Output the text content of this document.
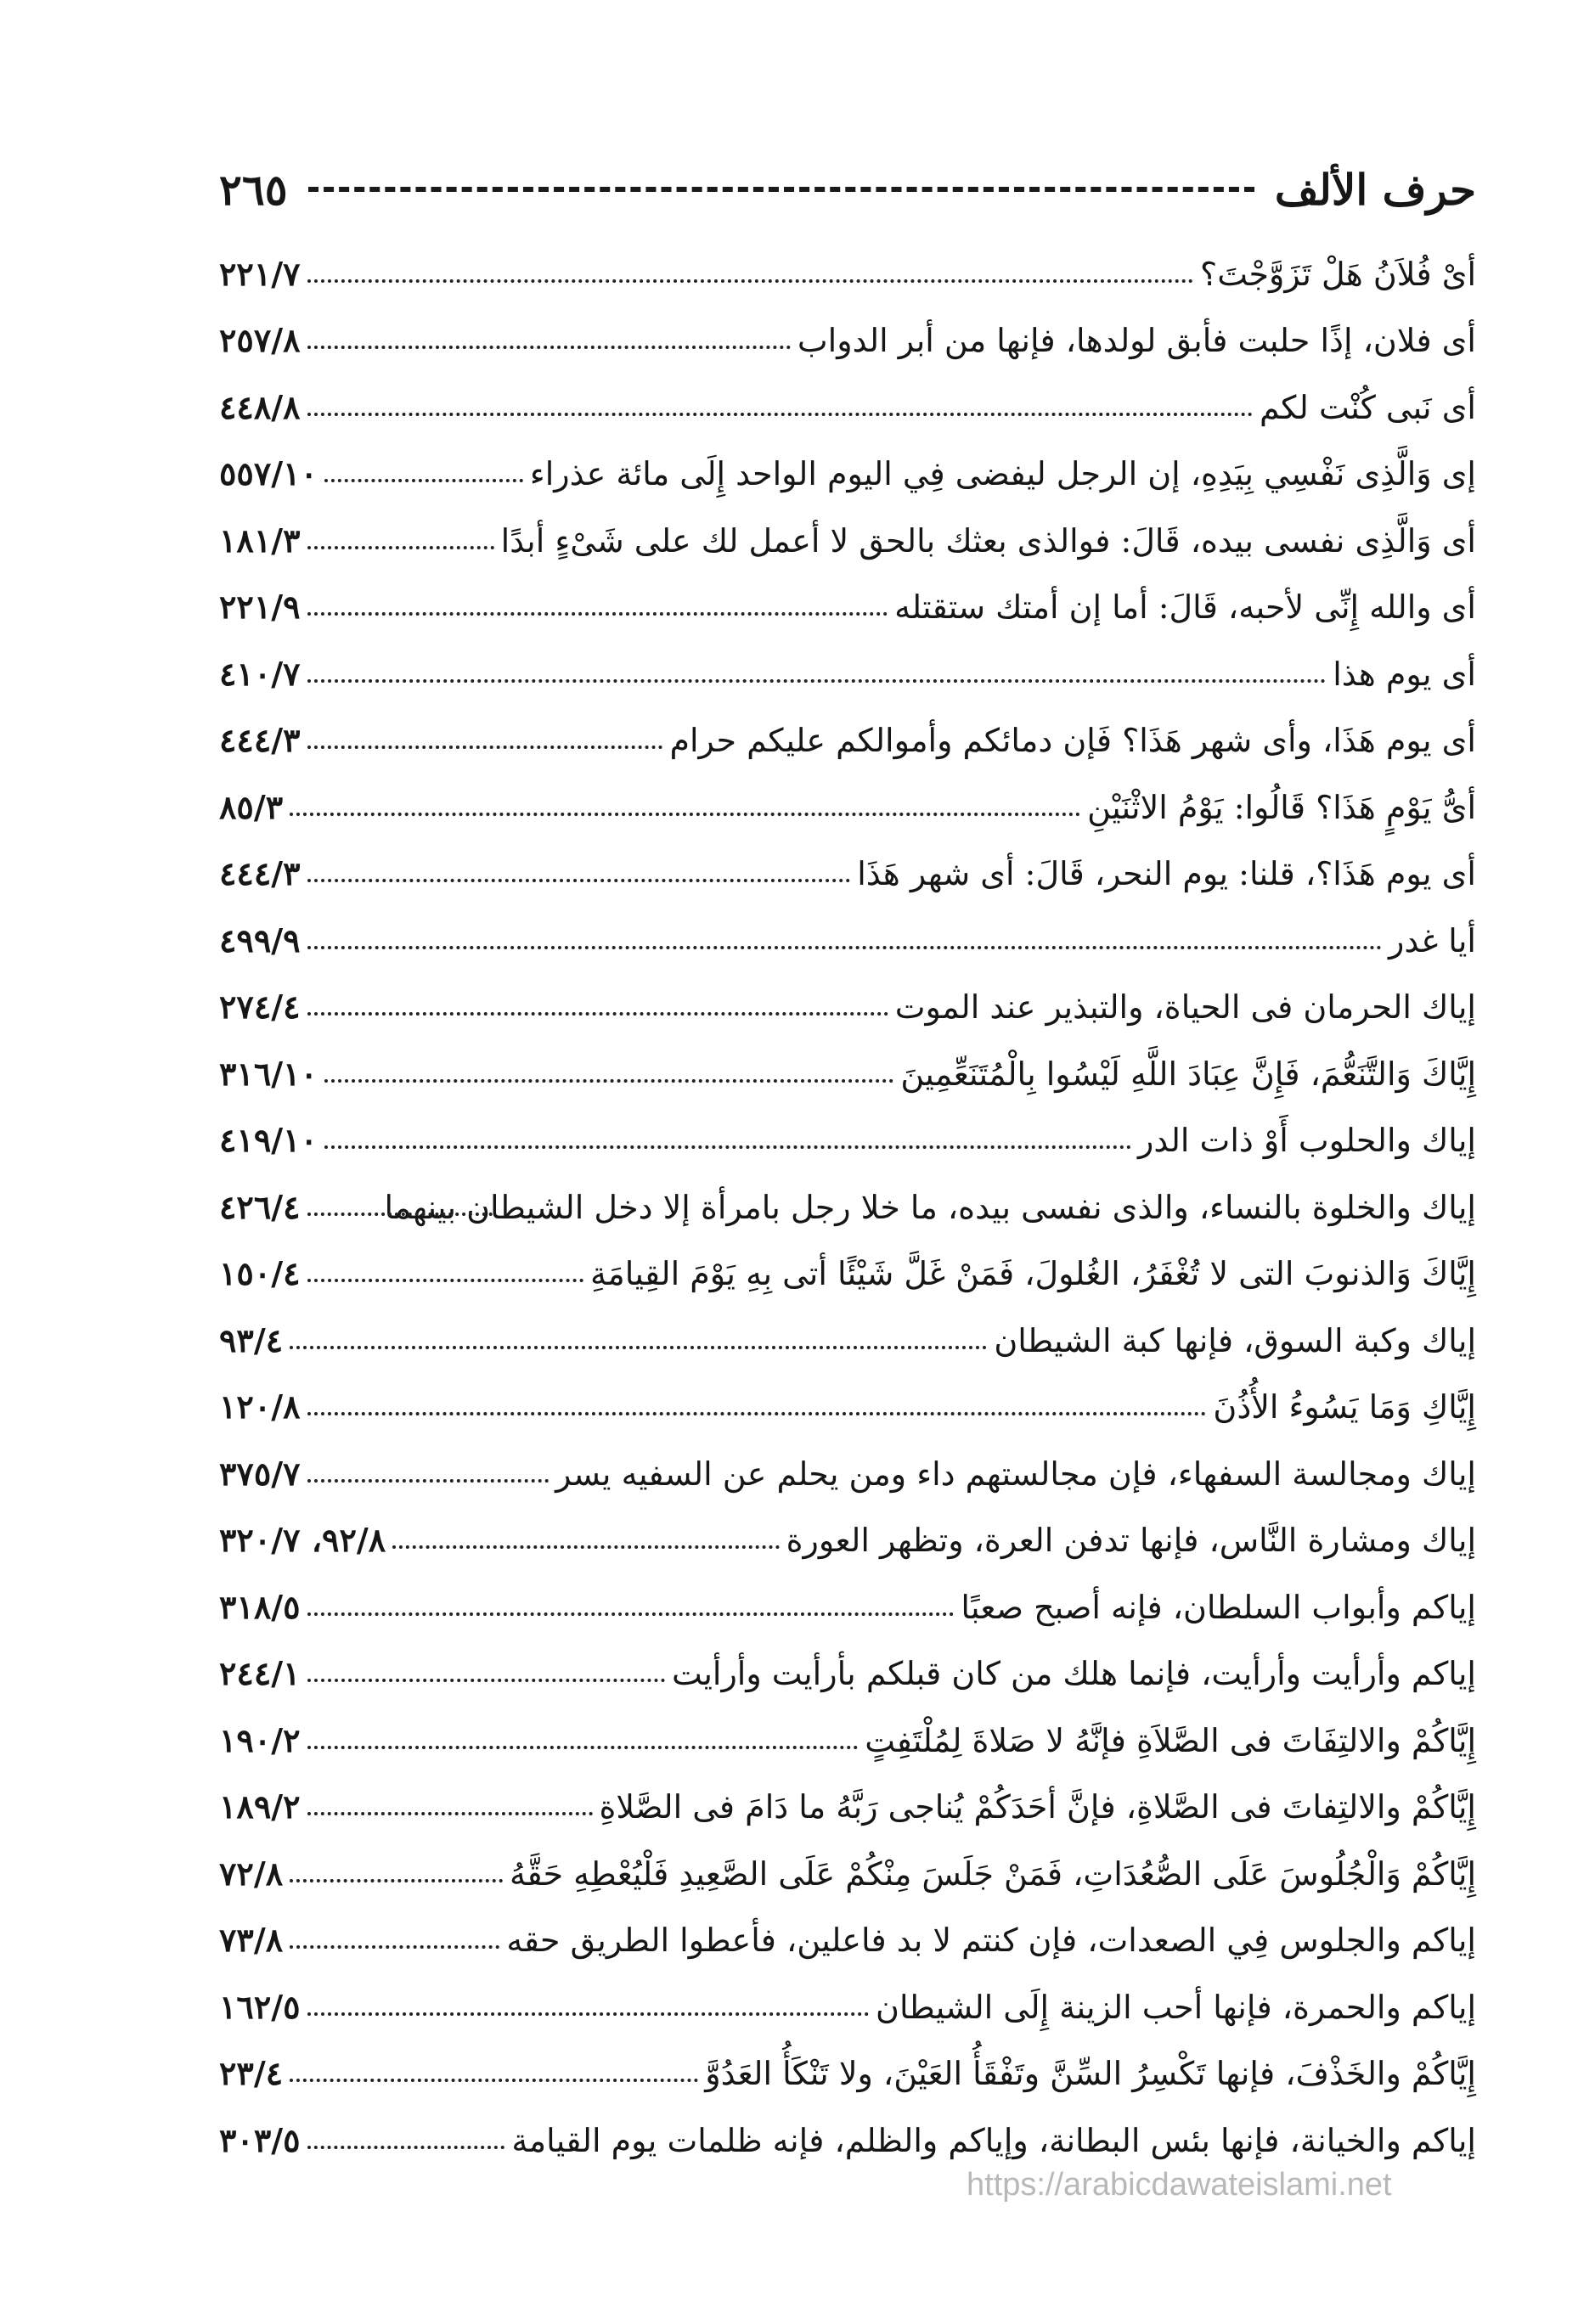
حرف الألف
٢٦٥
أىْ فُلاَنُ هَلْ تَزَوَّجْتَ؟
٢٢١/٧
أى فلان، إذًا حلبت فأبق لولدها، فإنها من أبر الدواب
٢٥٧/٨
أى نَبى كُنْت لكم
٤٤٨/٨
إى وَالَّذِى نَفْسِي بِيَدِهِ، إن الرجل ليفضى فِي اليوم الواحد إِلَى مائة عذراء
٥٥٧/١٠
أى وَالَّذِى نفسى بيده، قَالَ: فوالذى بعثك بالحق لا أعمل لك على شَىْءٍ أبدًا
١٨١/٣
أى والله إِنِّى لأحبه، قَالَ: أما إن أمتك ستقتله
٢٢١/٩
أى يوم هذا
٤١٠/٧
أى يوم هَذَا، وأى شهر هَذَا؟ فَإن دمائكم وأموالكم عليكم حرام
٤٤٤/٣
أىُّ يَوْمٍ هَذَا؟ قَالُوا: يَوْمُ الاثْنَيْنِ
٨٥/٣
أى يوم هَذَا؟، قلنا: يوم النحر، قَالَ: أى شهر هَذَا
٤٤٤/٣
أيا غدر
٤٩٩/٩
إياك الحرمان فى الحياة، والتبذير عند الموت
٢٧٤/٤
إِيَّاكَ وَالتَّنَعُّمَ، فَإِنَّ عِبَادَ اللَّهِ لَيْسُوا بِالْمُتَنَعِّمِينَ
٣١٦/١٠
إياك والحلوب أَوْ ذات الدر
٤١٩/١٠
إياك والخلوة بالنساء، والذى نفسى بيده، ما خلا رجل بامرأة إلا دخل الشيطان بينهما
٤٢٦/٤
إِيَّاكَ وَالذنوبَ التى لا تُغْفَرُ، الغُلولَ، فَمَنْ غَلَّ شَيْئًا أتى بِهِ يَوْمَ القِيامَةِ
١٥٠/٤
إياك وكبة السوق، فإنها كبة الشيطان
٩٣/٤
إِيَّاكِ وَمَا يَسُوءُ الأُذُنَ
١٢٠/٨
إياك ومجالسة السفهاء، فإن مجالستهم داء ومن يحلم عن السفيه يسر
٣٧٥/٧
إياك ومشارة النَّاس، فإنها تدفن العرة، وتظهر العورة
٩٢/٨، ٣٢٠/٧
إياكم وأبواب السلطان، فإنه أصبح صعبًا
٣١٨/٥
إياكم وأرأيت وأرأيت، فإنما هلك من كان قبلكم بأرأيت وأرأيت
٢٤٤/١
إِيَّاكُمْ والالتِفَاتَ فى الصَّلاَةِ فإنَّهُ لا صَلاةَ لِمُلْتَفِتٍ
١٩٠/٢
إِيَّاكُمْ والالتِفاتَ فى الصَّلاةِ، فإنَّ أحَدَكُمْ يُناجى رَبَّهُ ما دَامَ فى الصَّلاةِ
١٨٩/٢
إِيَّاكُمْ وَالْجُلُوسَ عَلَى الصُّعُدَاتِ، فَمَنْ جَلَسَ مِنْكُمْ عَلَى الصَّعِيدِ فَلْيُعْطِهِ حَقَّهُ
٧٢/٨
إياكم والجلوس فِي الصعدات، فإن كنتم لا بد فاعلين، فأعطوا الطريق حقه
٧٣/٨
إياكم والحمرة، فإنها أحب الزينة إِلَى الشيطان
١٦٢/٥
إِيَّاكُمْ والخَذْفَ، فإنها تَكْسِرُ السِّنَّ وتَفْقَأُ العَيْنَ، ولا تَنْكَأُ العَدُوَّ
٢٣/٤
إياكم والخيانة، فإنها بئس البطانة، وإياكم والظلم، فإنه ظلمات يوم القيامة
٣٠٣/٥
https://arabicdawateislami.net
